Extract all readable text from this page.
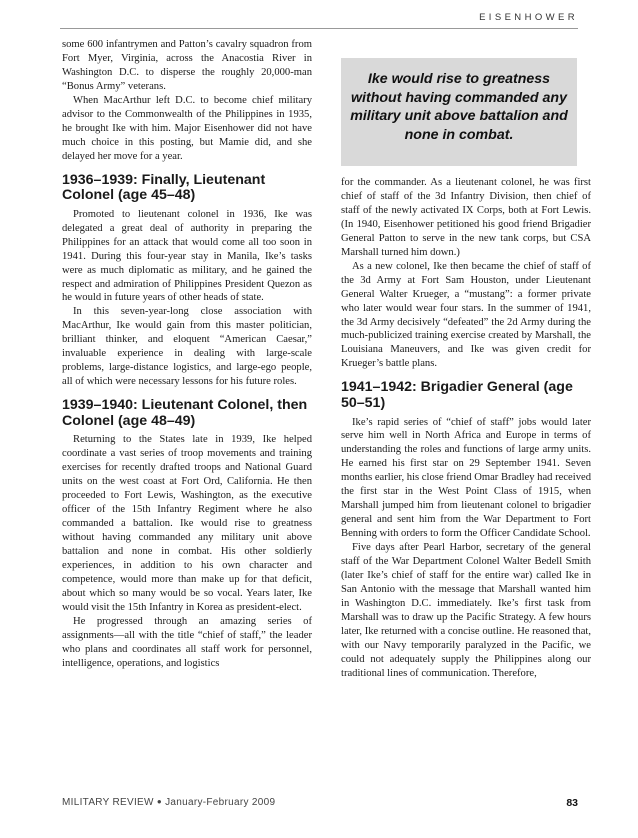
EISENHOWER

some 600 infantrymen and Patton’s cavalry squadron from Fort Myer, Virginia, across the Anacostia River in Washington D.C. to disperse the roughly 20,000-man “Bonus Army” veterans.

When MacArthur left D.C. to become chief military advisor to the Commonwealth of the Philippines in 1935, he brought Ike with him. Major Eisenhower did not have much choice in this posting, but Mamie did, and she delayed her move for a year.

1936–1939: Finally, Lieutenant Colonel (age 45–48)

Promoted to lieutenant colonel in 1936, Ike was delegated a great deal of authority in preparing the Philippines for an attack that would come all too soon in 1941. During this four-year stay in Manila, Ike’s tasks were as much diplomatic as military, and he gained the respect and admiration of Philippines President Quezon as he would in future years of other heads of state.

In this seven-year-long close association with MacArthur, Ike would gain from this master politician, brilliant thinker, and eloquent “American Caesar,” invaluable experience in dealing with large-scale problems, large-distance logistics, and large-ego people, all of which were necessary lessons for his future roles.

1939–1940: Lieutenant Colonel, then Colonel (age 48–49)

Returning to the States late in 1939, Ike helped coordinate a vast series of troop movements and training exercises for recently drafted troops and National Guard units on the west coast at Fort Ord, California. He then proceeded to Fort Lewis, Washington, as the executive officer of the 15th Infantry Regiment where he also commanded a battalion. Ike would rise to greatness without having commanded any military unit above battalion and none in combat. His other soldierly experiences, in addition to his own character and competence, would more than make up for that deficit, about which so many would be so vocal. Years later, Ike would visit the 15th Infantry in Korea as president-elect.

He progressed through an amazing series of assignments—all with the title “chief of staff,” the leader who plans and coordinates all staff work for personnel, intelligence, operations, and logistics

Ike would rise to greatness without having commanded any military unit above battalion and none in combat.

for the commander. As a lieutenant colonel, he was first chief of staff of the 3d Infantry Division, then chief of staff of the newly activated IX Corps, both at Fort Lewis. (In 1940, Eisenhower petitioned his good friend Brigadier General Patton to serve in the new tank corps, but CSA Marshall turned him down.)

As a new colonel, Ike then became the chief of staff of the 3d Army at Fort Sam Houston, under Lieutenant General Walter Krueger, a “mustang”: a former private who later would wear four stars. In the summer of 1941, the 3d Army decisively “defeated” the 2d Army during the much-publicized training exercise created by Marshall, the Louisiana Maneuvers, and Ike was given credit for Krueger’s battle plans.

1941–1942: Brigadier General (age 50–51)

Ike’s rapid series of “chief of staff” jobs would later serve him well in North Africa and Europe in terms of understanding the roles and functions of large army units. He earned his first star on 29 September 1941. Seven months earlier, his close friend Omar Bradley had received the first star in the West Point Class of 1915, when Marshall jumped him from lieutenant colonel to brigadier general and sent him from the War Department to Fort Benning with orders to form the Officer Candidate School.

Five days after Pearl Harbor, secretary of the general staff of the War Department Colonel Walter Bedell Smith (later Ike’s chief of staff for the entire war) called Ike in San Antonio with the message that Marshall wanted him in Washington D.C. immediately. Ike’s first task from Marshall was to draw up the Pacific Strategy. A few hours later, Ike returned with a concise outline. He reasoned that, with our Navy temporarily paralyzed in the Pacific, we could not adequately supply the Philippines along our traditional lines of communication. Therefore,

MILITARY REVIEW ● January-February 2009	83
